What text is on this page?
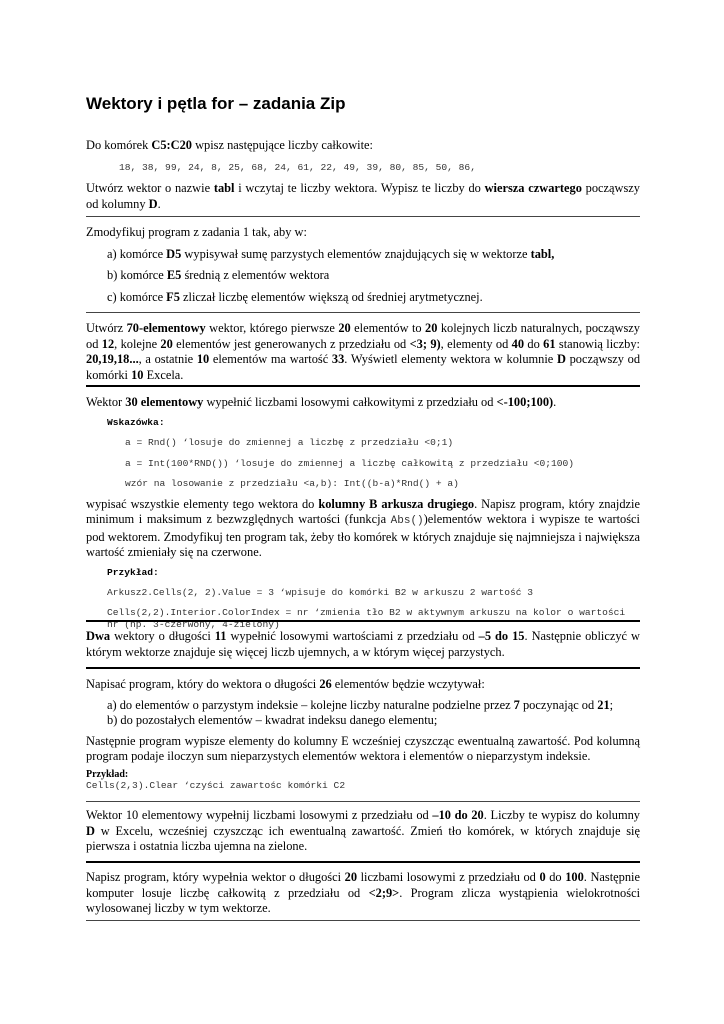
Wektory i pętla for – zadania Zip

Do komórek C5:C20 wpisz następujące liczby całkowite:

18, 38, 99, 24, 8, 25, 68, 24, 61, 22, 49, 39, 80, 85, 50, 86,

Utwórz wektor o nazwie tabl i wczytaj te liczby wektora. Wypisz te liczby do wiersza czwartego począwszy od kolumny D.

Zmodyfikuj program z zadania 1 tak, aby w:

a) komórce D5 wypisywał sumę parzystych elementów znajdujących się w wektorze tabl,

b) komórce E5 średnią z elementów wektora

c) komórce F5 zliczał liczbę elementów większą od średniej arytmetycznej.

Utwórz 70-elementowy wektor, którego pierwsze 20 elementów to 20 kolejnych liczb naturalnych, począwszy od 12, kolejne 20 elementów jest generowanych z przedziału od <3; 9), elementy od 40 do 61 stanowią liczby: 20,19,18..., a ostatnie 10 elementów ma wartość 33. Wyświetl elementy wektora w kolumnie D począwszy od komórki 10 Excela.

Wektor 30 elementowy wypełnić liczbami losowymi całkowitymi z przedziału od <-100;100).

Wskazówka:

a = Rnd() ‘losuje do zmiennej a liczbę z przedziału <0;1)

a = Int(100*RND()) ‘losuje do zmiennej a liczbę całkowitą z przedziału <0;100)

wzór na losowanie z przedziału <a,b): Int((b-a)*Rnd() + a)

wypisać wszystkie elementy tego wektora do kolumny B arkusza drugiego. Napisz program, który znajdzie minimum i maksimum z bezwzględnych wartości (funkcja Abs())elementów wektora i wypisze te wartości pod wektorem. Zmodyfikuj ten program tak, żeby tło komórek w których znajduje się najmniejsza i największa wartość zmieniały się na czerwone.

Przykład:

Arkusz2.Cells(2, 2).Value = 3 ‘wpisuje do komórki B2 w arkuszu 2 wartość 3

Cells(2,2).Interior.ColorIndex = nr ‘zmienia tło B2 w aktywnym arkuszu na kolor o wartości nr (np. 3-czerwony, 4-zielony)

Dwa wektory o długości 11 wypełnić losowymi wartościami z przedziału od –5 do 15. Następnie obliczyć w którym wektorze znajduje się więcej liczb ujemnych, a w którym więcej parzystych.

Napisać program, który do wektora o długości 26 elementów będzie wczytywał:

a) do elementów o parzystym indeksie – kolejne liczby naturalne podzielne przez 7 poczynając od 21;

b) do pozostałych elementów – kwadrat indeksu danego elementu;

Następnie program wypisze elementy do kolumny E wcześniej czyszcząc ewentualną zawartość. Pod kolumną program podaje iloczyn sum nieparzystych elementów wektora i elementów o nieparzystym indeksie.

Przykład:

Cells(2,3).Clear ‘czyści zawartośc komórki C2

Wektor 10 elementowy wypełnij liczbami losowymi z przedziału od –10 do 20. Liczby te wypisz do kolumny D w Excelu, wcześniej czyszcząc ich ewentualną zawartość. Zmień tło komórek, w których znajduje się pierwsza i ostatnia liczba ujemna na zielone.

Napisz program, który wypełnia wektor o długości 20 liczbami losowymi z przedziału od 0 do 100. Następnie komputer losuje liczbę całkowitą z przedziału od <2;9>. Program zlicza wystąpienia wielokrotności wylosowanej liczby w tym wektorze.
